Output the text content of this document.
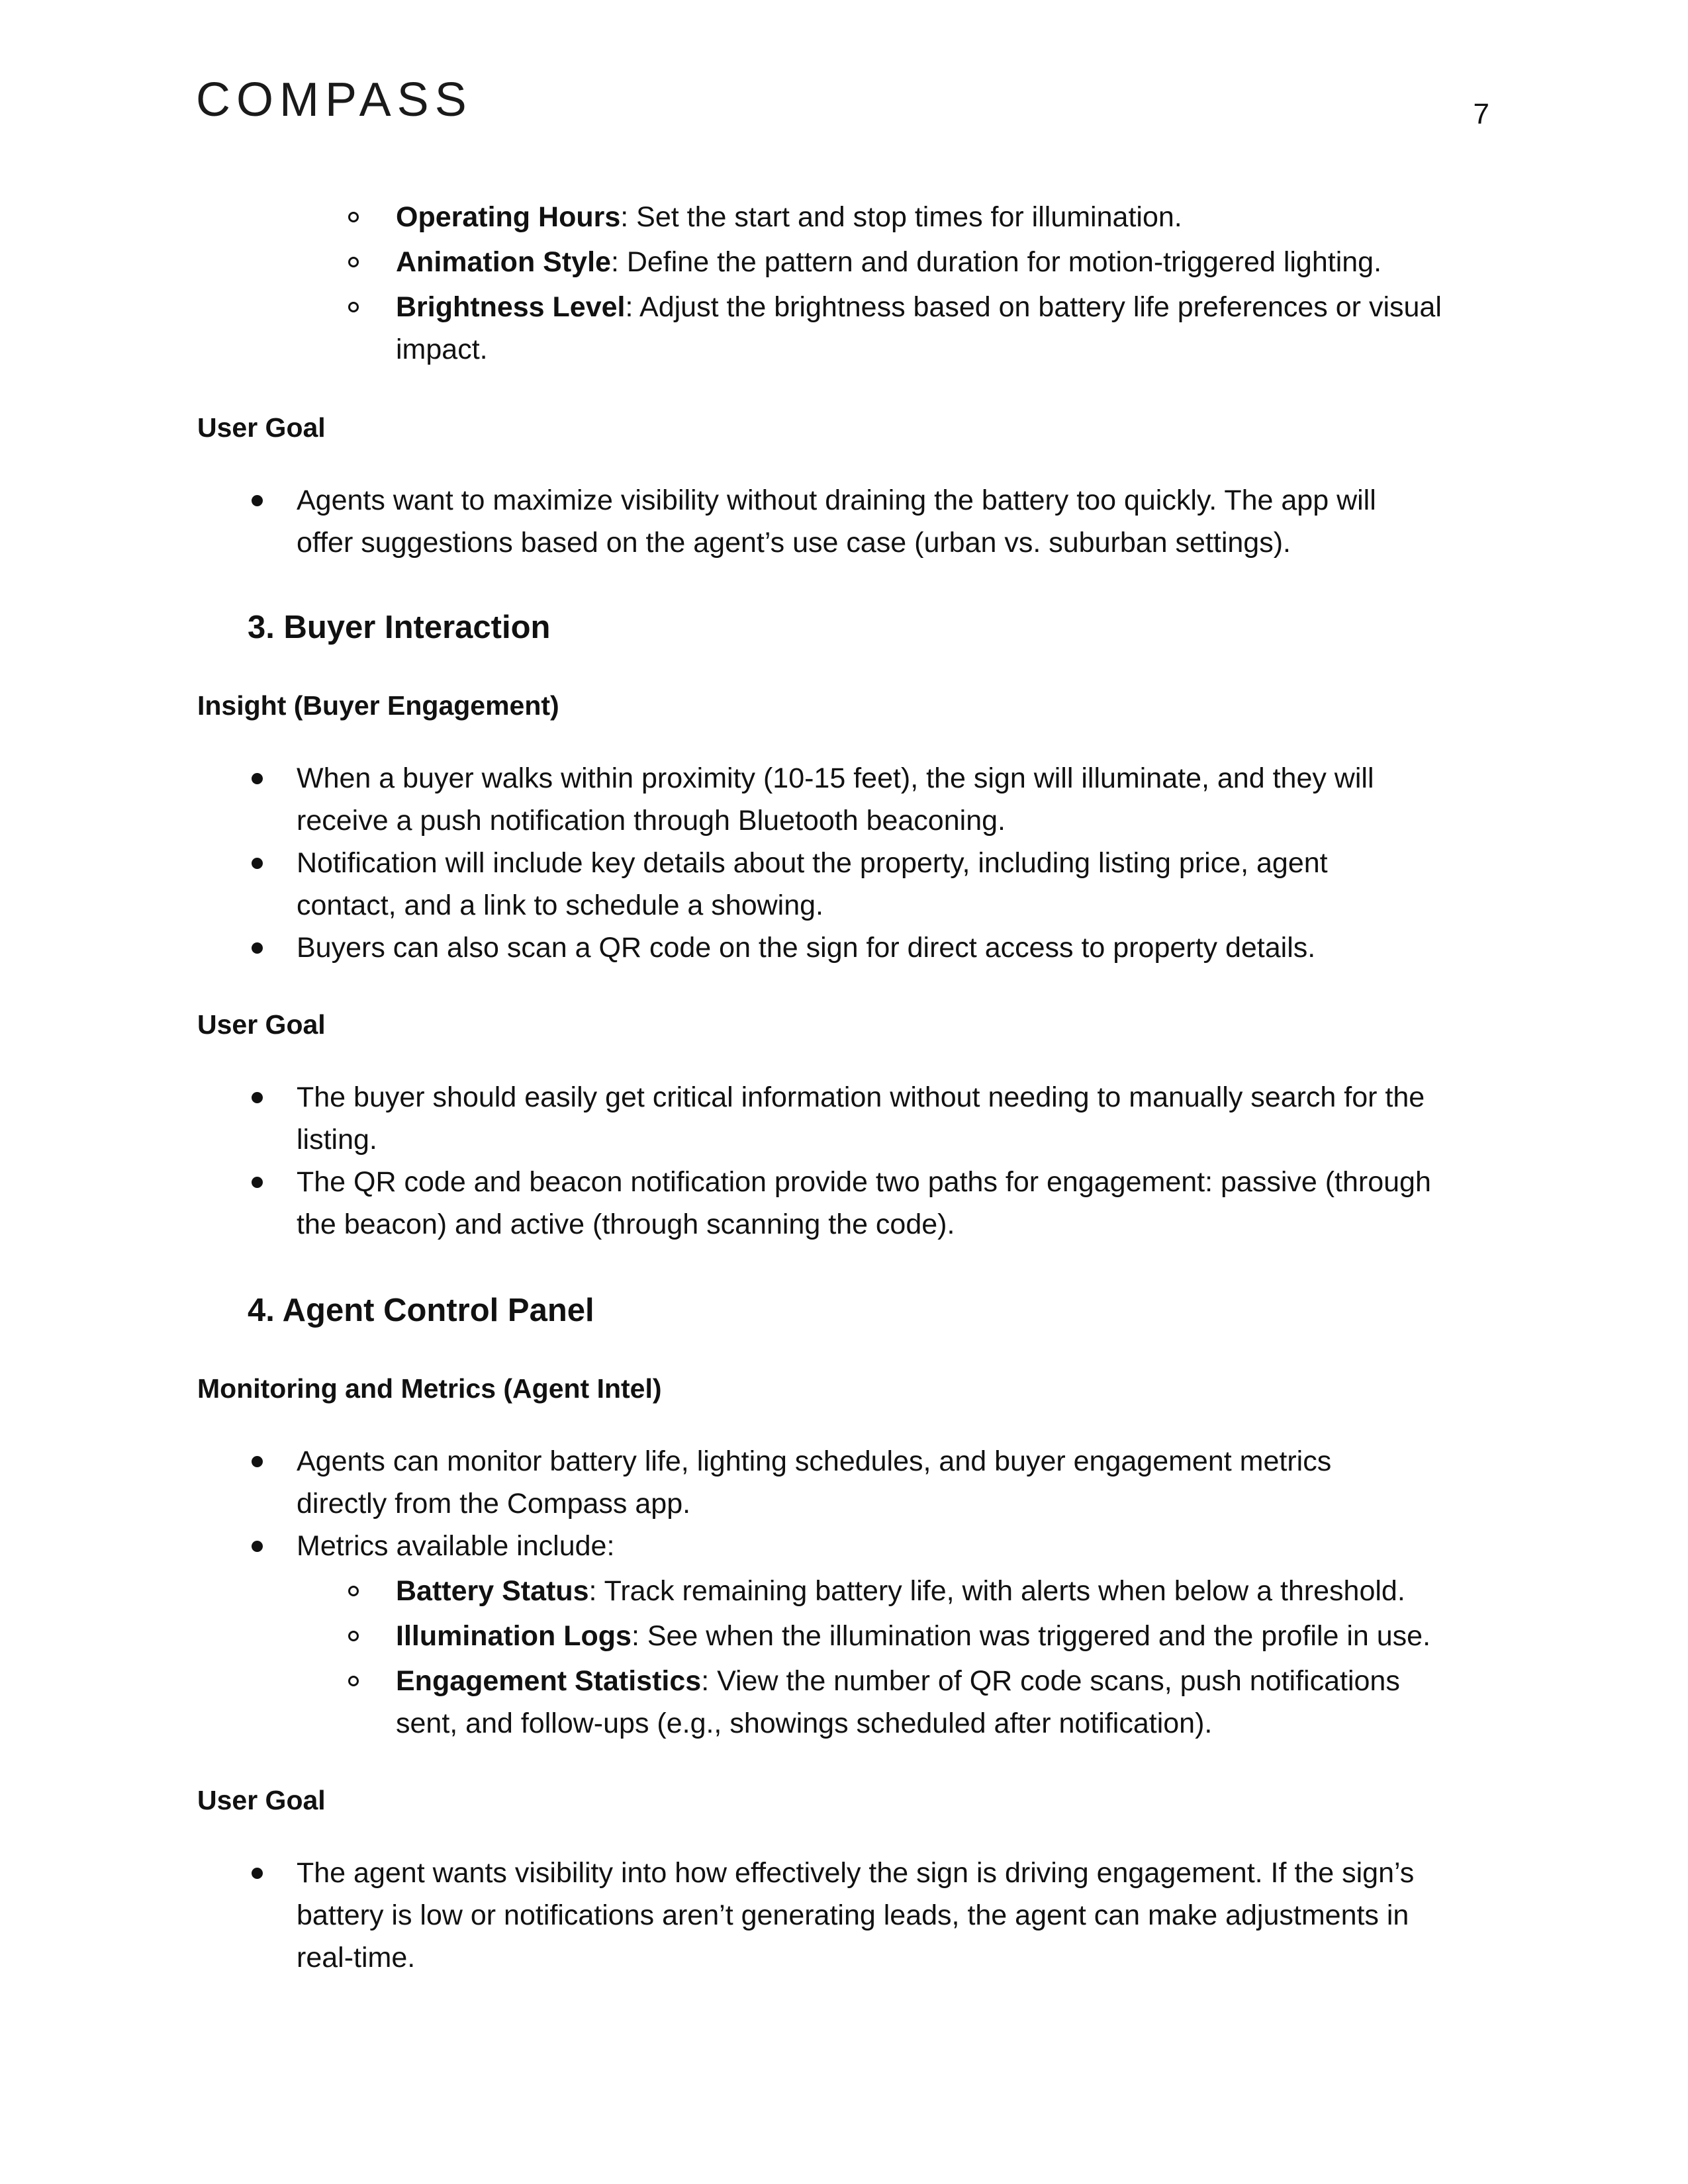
COMPASS	7
Operating Hours: Set the start and stop times for illumination.
Animation Style: Define the pattern and duration for motion-triggered lighting.
Brightness Level: Adjust the brightness based on battery life preferences or visual
impact.
User Goal
Agents want to maximize visibility without draining the battery too quickly. The app will
offer suggestions based on the agent’s use case (urban vs. suburban settings).
3. Buyer Interaction
Insight (Buyer Engagement)
When a buyer walks within proximity (10-15 feet), the sign will illuminate, and they will
receive a push notification through Bluetooth beaconing.
Notification will include key details about the property, including listing price, agent
contact, and a link to schedule a showing.
Buyers can also scan a QR code on the sign for direct access to property details.
User Goal
The buyer should easily get critical information without needing to manually search for the
listing.
The QR code and beacon notification provide two paths for engagement: passive (through
the beacon) and active (through scanning the code).
4. Agent Control Panel
Monitoring and Metrics (Agent Intel)
Agents can monitor battery life, lighting schedules, and buyer engagement metrics
directly from the Compass app.
Metrics available include:
Battery Status: Track remaining battery life, with alerts when below a threshold.
Illumination Logs: See when the illumination was triggered and the profile in use.
Engagement Statistics: View the number of QR code scans, push notifications
sent, and follow-ups (e.g., showings scheduled after notification).
User Goal
The agent wants visibility into how effectively the sign is driving engagement. If the sign’s
battery is low or notifications aren’t generating leads, the agent can make adjustments in
real-time.
